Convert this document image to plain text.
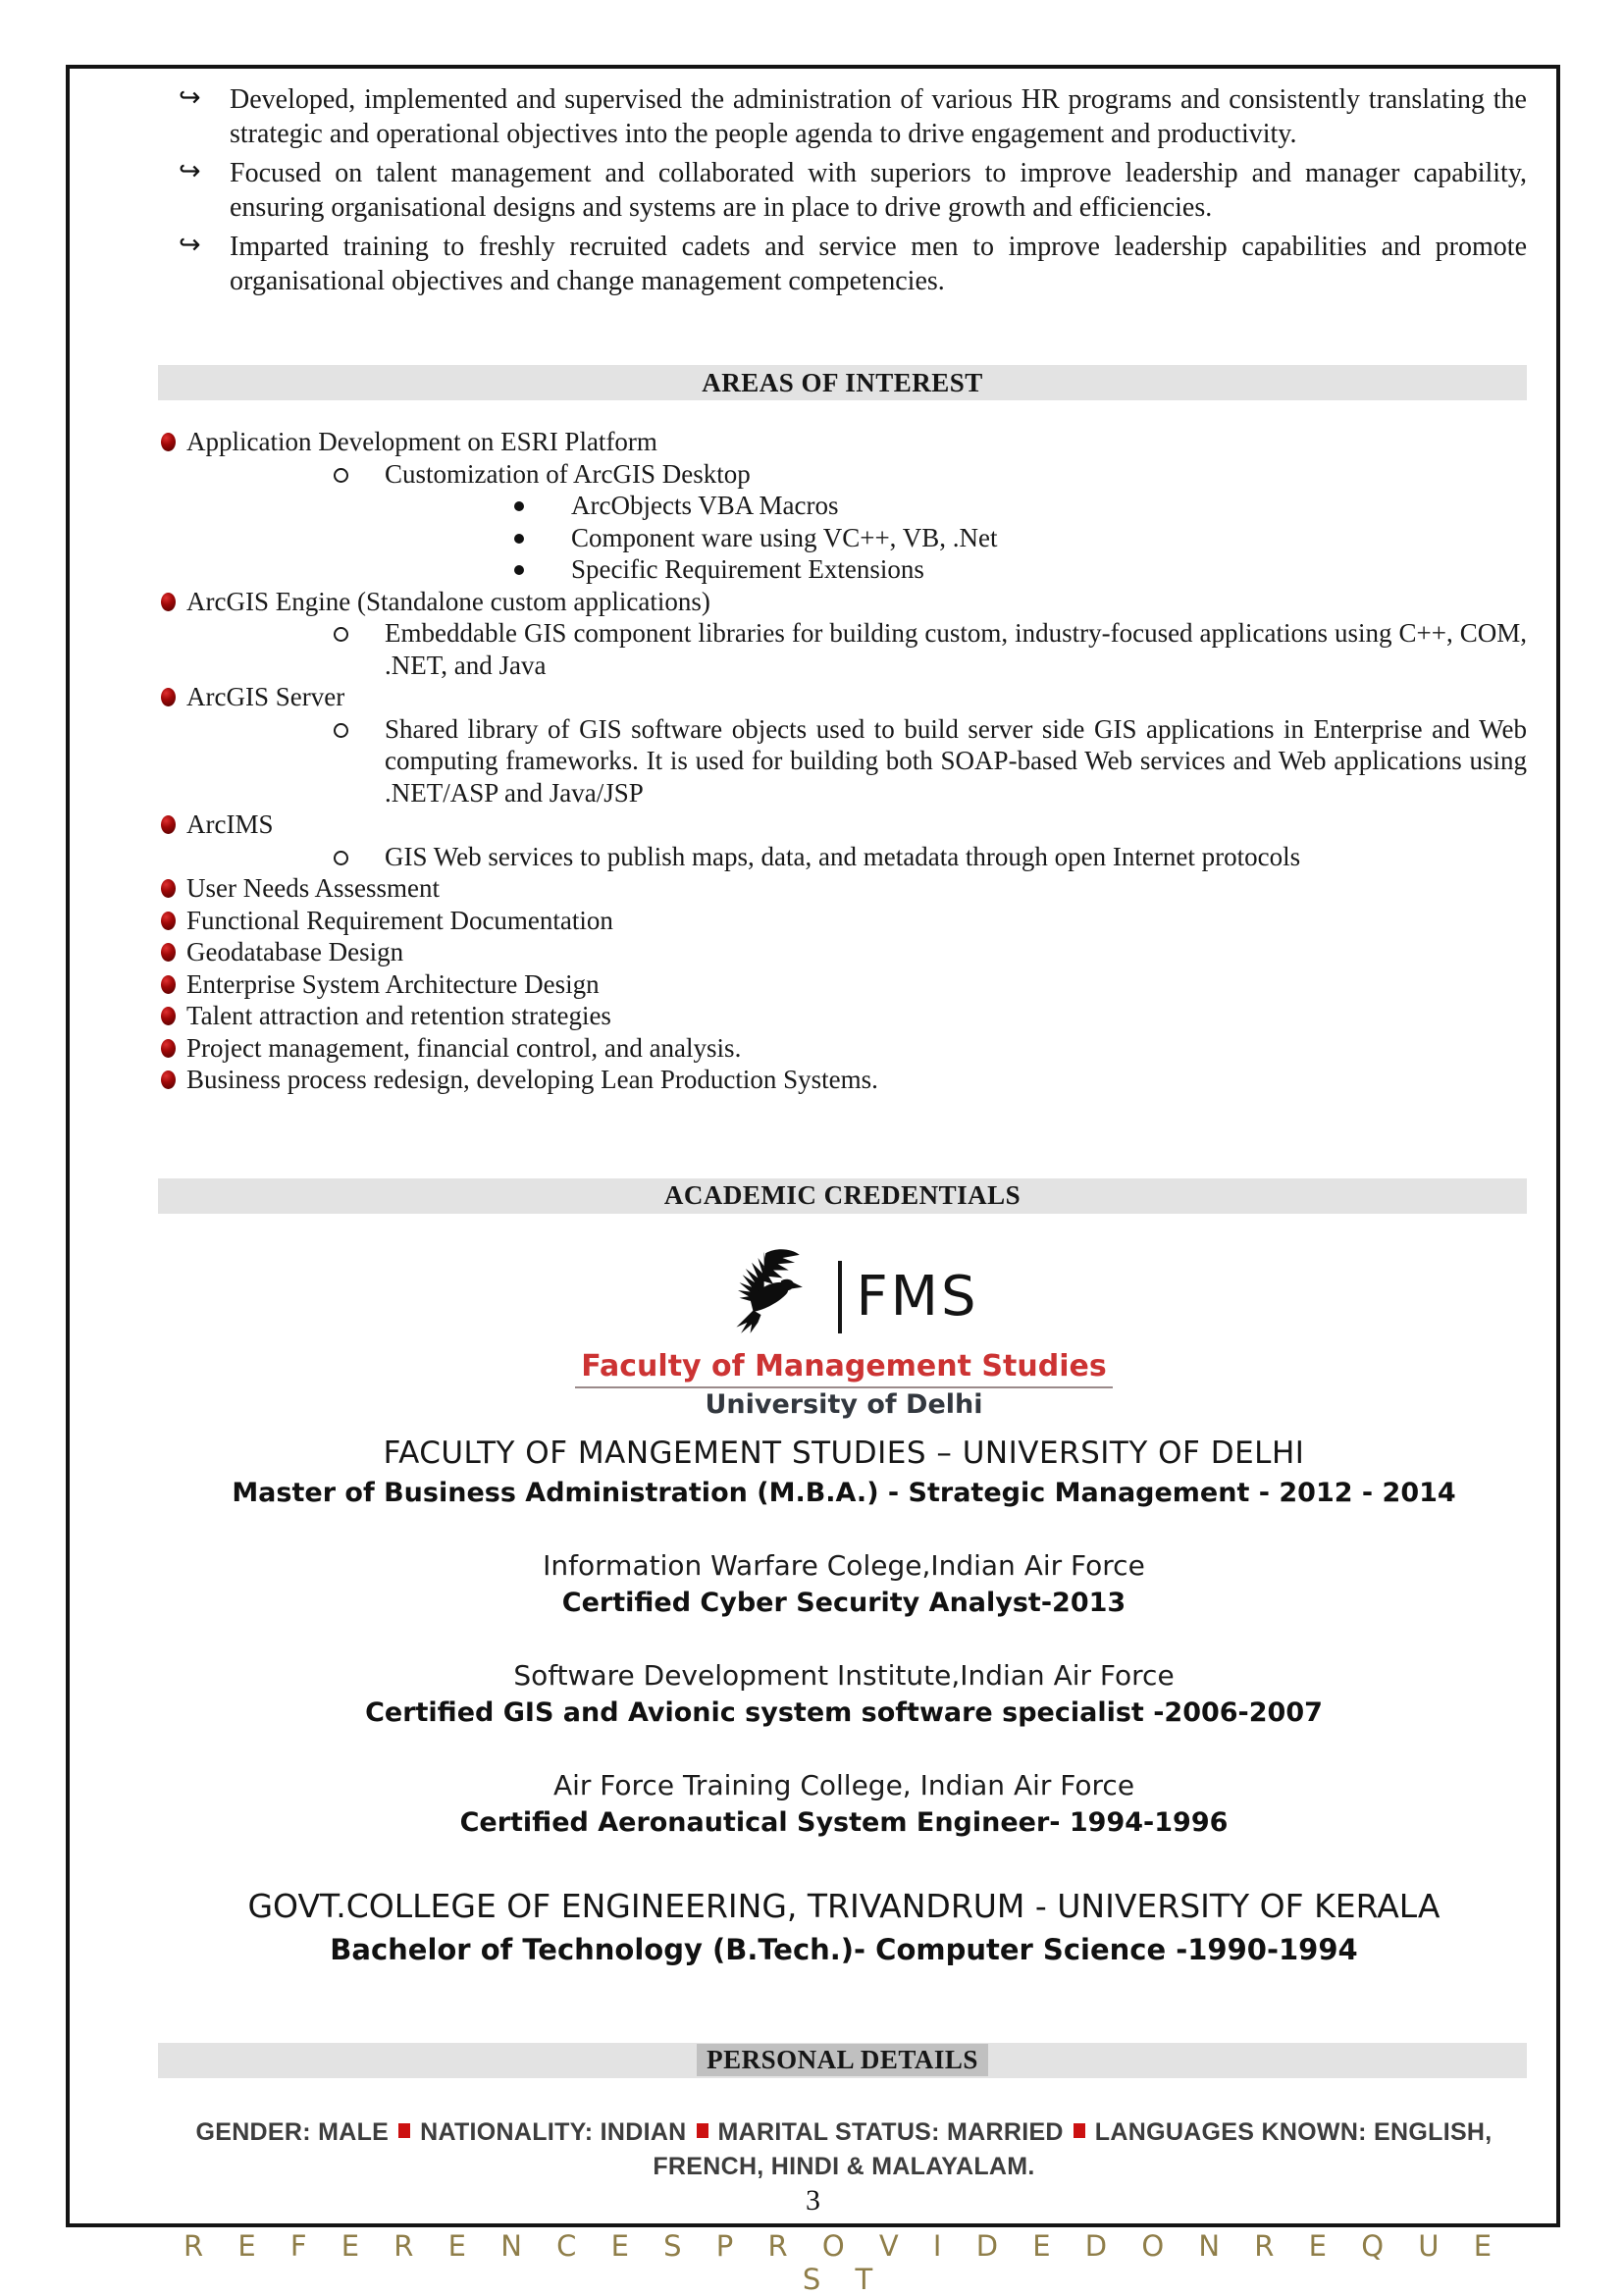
↪ Developed, implemented and supervised the administration of various HR programs and consistently translating the strategic and operational objectives into the people agenda to drive engagement and productivity.
↪ Focused on talent management and collaborated with superiors to improve leadership and manager capability, ensuring organisational designs and systems are in place to drive growth and efficiencies.
↪ Imparted training to freshly recruited cadets and service men to improve leadership capabilities and promote organisational objectives and change management competencies.
AREAS OF INTEREST
Application Development on ESRI Platform
Customization of ArcGIS Desktop
ArcObjects VBA Macros
Component ware using VC++, VB, .Net
Specific Requirement Extensions
ArcGIS Engine (Standalone custom applications)
Embeddable GIS component libraries for building custom, industry-focused applications using C++, COM, .NET, and Java
ArcGIS Server
Shared library of GIS software objects used to build server side GIS applications in Enterprise and Web computing frameworks. It is used for building both SOAP-based Web services and Web applications using .NET/ASP and Java/JSP
ArcIMS
GIS Web services to publish maps, data, and metadata through open Internet protocols
User Needs Assessment
Functional Requirement Documentation
Geodatabase Design
Enterprise System Architecture Design
Talent attraction and retention strategies
Project management, financial control, and analysis.
Business process redesign, developing Lean Production Systems.
ACADEMIC CREDENTIALS
FMS
Faculty of Management Studies
University of Delhi
FACULTY OF MANGEMENT STUDIES – UNIVERSITY OF DELHI
Master of Business Administration (M.B.A.) - Strategic Management - 2012 - 2014
Information Warfare Colege,Indian Air Force
Certified Cyber Security Analyst-2013
Software Development Institute,Indian Air Force
Certified GIS and Avionic system software specialist -2006-2007
Air Force Training College, Indian Air Force
Certified Aeronautical System Engineer- 1994-1996
GOVT.COLLEGE OF ENGINEERING, TRIVANDRUM - UNIVERSITY OF KERALA
Bachelor of Technology (B.Tech.)- Computer Science -1990-1994
PERSONAL DETAILS
GENDER: MALE NATIONALITY: INDIAN MARITAL STATUS: MARRIED LANGUAGES KNOWN: ENGLISH,
FRENCH, HINDI & MALAYALAM.
R E F E R E N C E S P R O V I D E D O N R E Q U E S T
3
